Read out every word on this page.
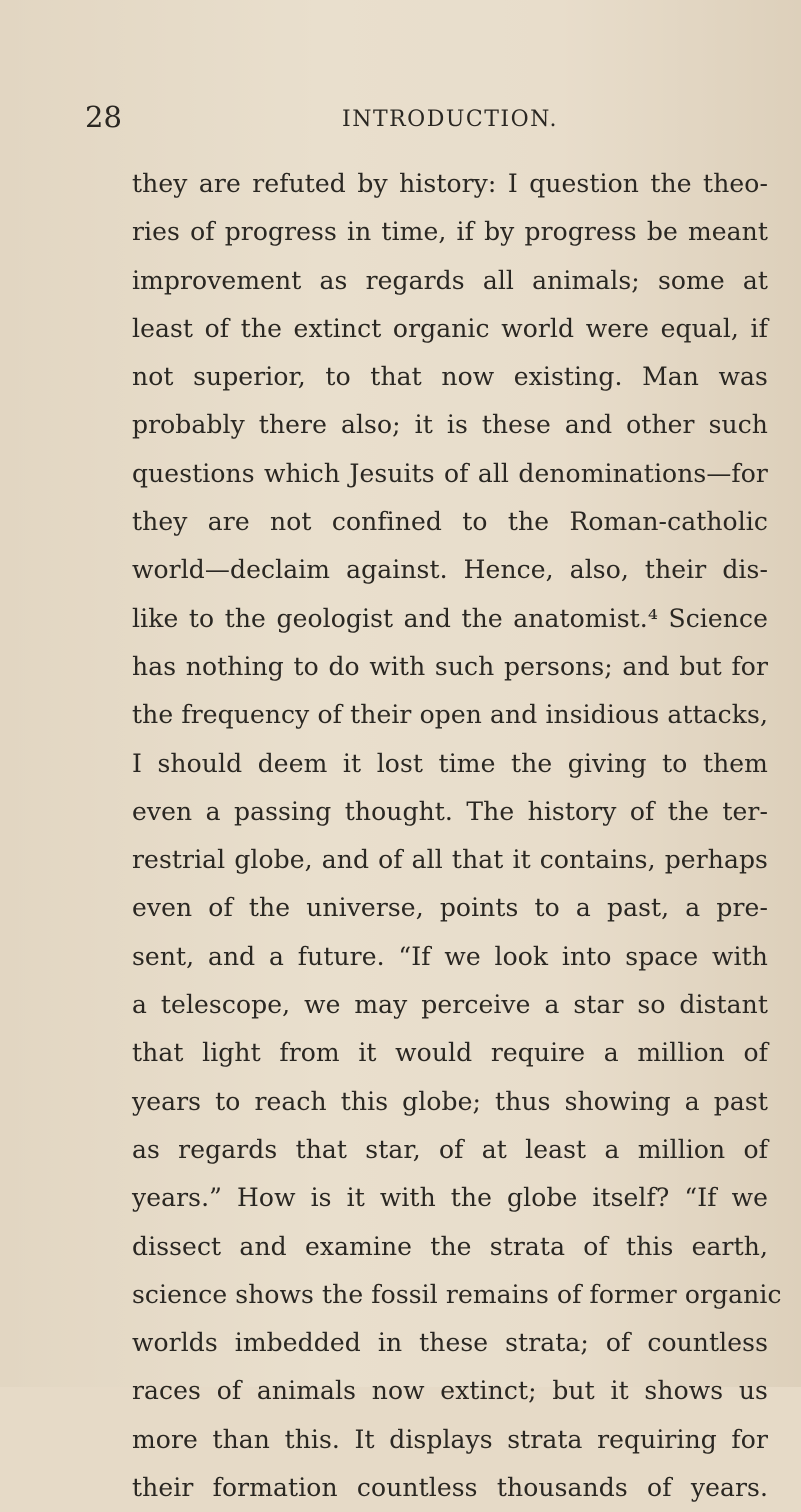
28	INTRODUCTION.
they are refuted by history: I question the theo-
ries of progress in time, if by progress be meant
improvement as regards all animals; some at
least of the extinct organic world were equal, if
not superior, to that now existing. Man was
probably there also; it is these and other such
questions which Jesuits of all denominations—for
they are not confined to the Roman-catholic
world—declaim against. Hence, also, their dis-
like to the geologist and the anatomist.⁴ Science
has nothing to do with such persons; and but for
the frequency of their open and insidious attacks,
I should deem it lost time the giving to them
even a passing thought. The history of the ter-
restrial globe, and of all that it contains, perhaps
even of the universe, points to a past, a pre-
sent, and a future. “If we look into space with
a telescope, we may perceive a star so distant
that light from it would require a million of
years to reach this globe; thus showing a past
as regards that star, of at least a million of
years.” How is it with the globe itself? “If we
dissect and examine the strata of this earth,
science shows the fossil remains of former organic
worlds imbedded in these strata; of countless
races of animals now extinct; but it shows us
more than this. It displays strata requiring for
their formation countless thousands of years.
